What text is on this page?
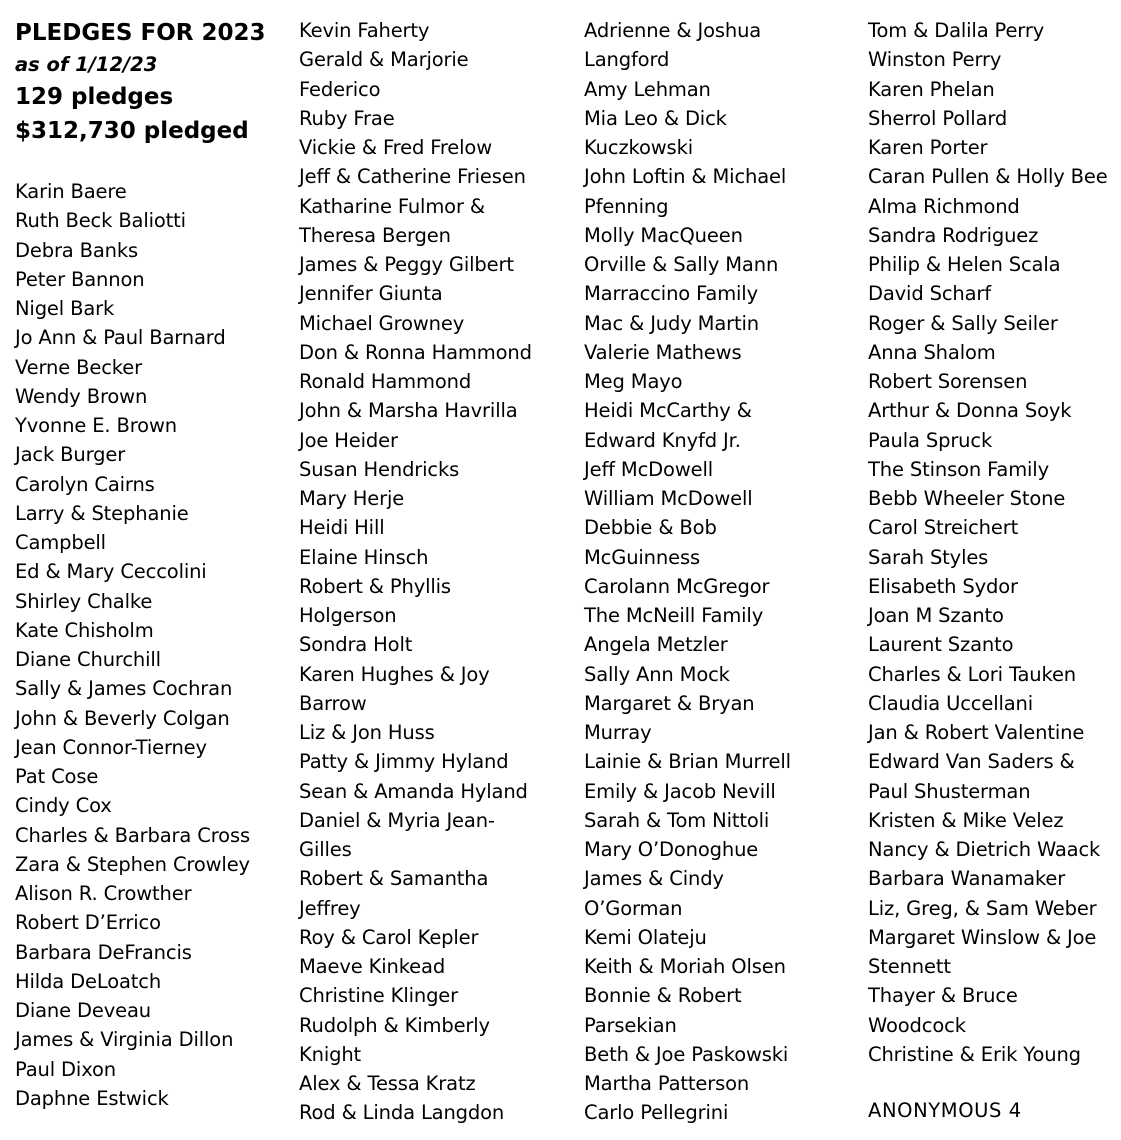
PLEDGES FOR 2023
as of 1/12/23
129 pledges
$312,730 pledged
Karin Baere
Ruth Beck Baliotti
Debra Banks
Peter Bannon
Nigel Bark
Jo Ann & Paul Barnard
Verne Becker
Wendy Brown
Yvonne E. Brown
Jack Burger
Carolyn Cairns
Larry & Stephanie
Campbell
Ed & Mary Ceccolini
Shirley Chalke
Kate Chisholm
Diane Churchill
Sally & James Cochran
John & Beverly Colgan
Jean Connor-Tierney
Pat Cose
Cindy Cox
Charles & Barbara Cross
Zara & Stephen Crowley
Alison R. Crowther
Robert D’Errico
Barbara DeFrancis
Hilda DeLoatch
Diane Deveau
James & Virginia Dillon
Paul Dixon
Daphne Estwick
Kevin Faherty
Gerald & Marjorie
Federico
Ruby Frae
Vickie & Fred Frelow
Jeff & Catherine Friesen
Katharine Fulmor &
Theresa Bergen
James & Peggy Gilbert
Jennifer Giunta
Michael Growney
Don & Ronna Hammond
Ronald Hammond
John & Marsha Havrilla
Joe Heider
Susan Hendricks
Mary Herje
Heidi Hill
Elaine Hinsch
Robert & Phyllis
Holgerson
Sondra Holt
Karen Hughes & Joy
Barrow
Liz & Jon Huss
Patty & Jimmy Hyland
Sean & Amanda Hyland
Daniel & Myria Jean-
Gilles
Robert & Samantha
Jeffrey
Roy & Carol Kepler
Maeve Kinkead
Christine Klinger
Rudolph & Kimberly
Knight
Alex & Tessa Kratz
Rod & Linda Langdon
Adrienne & Joshua
Langford
Amy Lehman
Mia Leo & Dick
Kuczkowski
John Loftin & Michael
Pfenning
Molly MacQueen
Orville & Sally Mann
Marraccino Family
Mac & Judy Martin
Valerie Mathews
Meg Mayo
Heidi McCarthy &
Edward Knyfd Jr.
Jeff McDowell
William McDowell
Debbie & Bob
McGuinness
Carolann McGregor
The McNeill Family
Angela Metzler
Sally Ann Mock
Margaret & Bryan
Murray
Lainie & Brian Murrell
Emily & Jacob Nevill
Sarah & Tom Nittoli
Mary O’Donoghue
James & Cindy
O’Gorman
Kemi Olateju
Keith & Moriah Olsen
Bonnie & Robert
Parsekian
Beth & Joe Paskowski
Martha Patterson
Carlo Pellegrini
Tom & Dalila Perry
Winston Perry
Karen Phelan
Sherrol Pollard
Karen Porter
Caran Pullen & Holly Bee
Alma Richmond
Sandra Rodriguez
Philip & Helen Scala
David Scharf
Roger & Sally Seiler
Anna Shalom
Robert Sorensen
Arthur & Donna Soyk
Paula Spruck
The Stinson Family
Bebb Wheeler Stone
Carol Streichert
Sarah Styles
Elisabeth Sydor
Joan M Szanto
Laurent Szanto
Charles & Lori Tauken
Claudia Uccellani
Jan & Robert Valentine
Edward Van Saders &
Paul Shusterman
Kristen & Mike Velez
Nancy & Dietrich Waack
Barbara Wanamaker
Liz, Greg, & Sam Weber
Margaret Winslow & Joe
Stennett
Thayer & Bruce
Woodcock
Christine & Erik Young
ANONYMOUS 4
